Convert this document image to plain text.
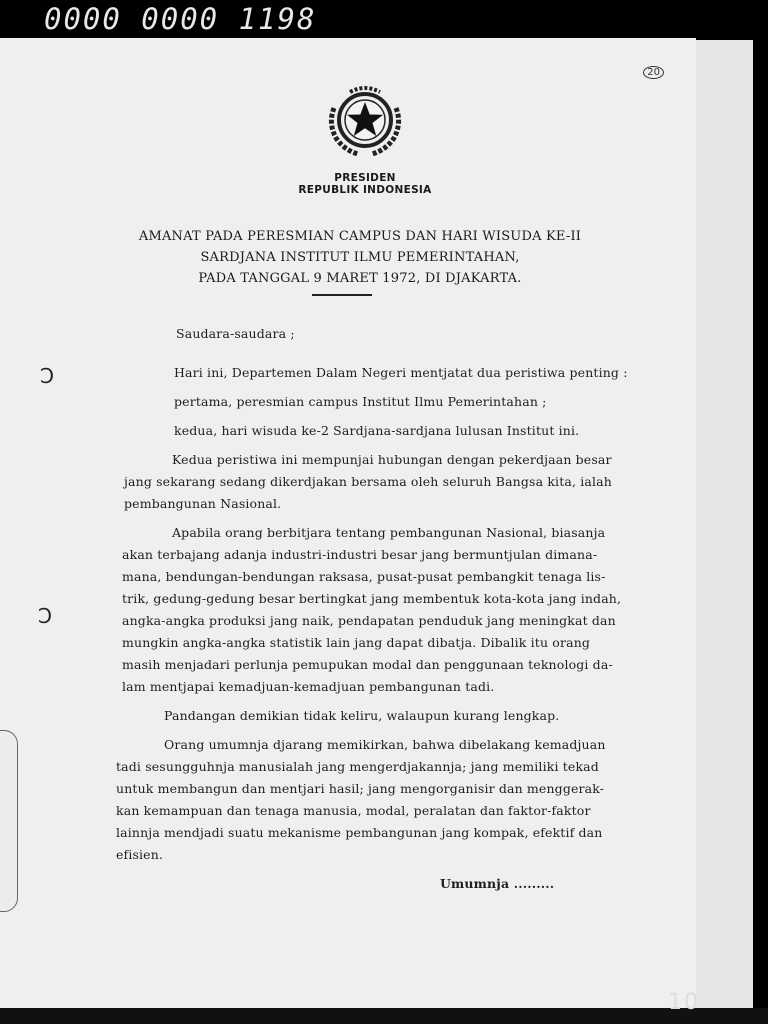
0000 0000 1198
20
PRESIDEN
REPUBLIK INDONESIA
AMANAT PADA PERESMIAN CAMPUS DAN HARI WISUDA KE-II
SARDJANA INSTITUT ILMU PEMERINTAHAN,
PADA TANGGAL 9 MARET 1972, DI DJAKARTA.
Saudara-saudara ;
Hari ini, Departemen Dalam Negeri mentjatat dua peristiwa penting :
pertama, peresmian campus Institut Ilmu Pemerintahan ;
kedua, hari wisuda ke-2 Sardjana-sardjana lulusan Institut ini.
Kedua peristiwa ini mempunjai hubungan dengan pekerdjaan besar
jang sekarang sedang dikerdjakan bersama oleh seluruh Bangsa kita, ialah
pembangunan Nasional.
Apabila orang berbitjara tentang pembangunan Nasional, biasanja
akan terbajang adanja industri-industri besar jang bermuntjulan dimana-
mana, bendungan-bendungan raksasa, pusat-pusat pembangkit tenaga lis-
trik, gedung-gedung besar bertingkat jang membentuk kota-kota jang indah,
angka-angka produksi jang naik, pendapatan penduduk jang meningkat dan
mungkin angka-angka statistik lain jang dapat dibatja. Dibalik itu orang
masih menjadari perlunja pemupukan modal dan penggunaan teknologi da-
lam mentjapai kemadjuan-kemadjuan pembangunan tadi.
Pandangan demikian tidak keliru, walaupun kurang lengkap.
Orang umumnja djarang memikirkan, bahwa dibelakang kemadjuan
tadi sesungguhnja manusialah jang mengerdjakannja; jang memiliki tekad
untuk membangun dan mentjari hasil; jang mengorganisir dan menggerak-
kan kemampuan dan tenaga manusia, modal, peralatan dan faktor-faktor
lainnja mendjadi suatu mekanisme pembangunan jang kompak, efektif dan
efisien.
Umumnja .........
Ɔ
Ɔ
10
